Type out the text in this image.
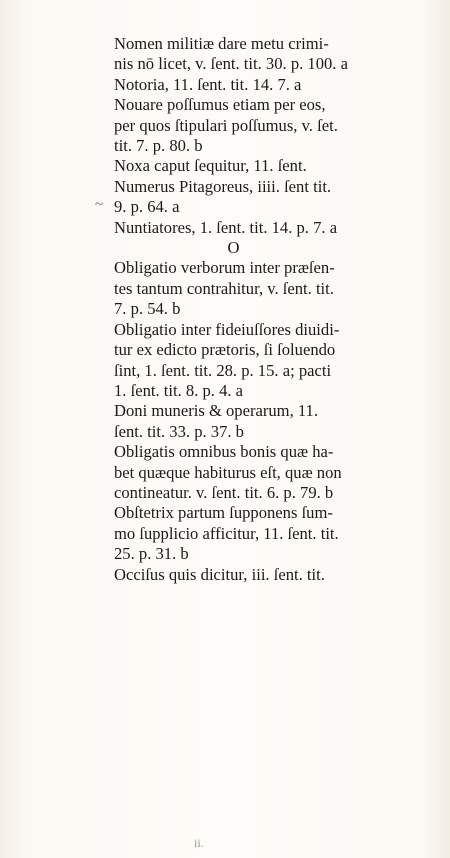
~
Nomen militiæ dare metu crimi-
nis nō licet, v. ſent. tit. 30. p. 100. a
Notoria, 11. ſent. tit. 14. 7. a
Nouare poſſumus etiam per eos,
per quos ſtipulari poſſumus, v. ſet.
tit. 7. p. 80. b
Noxa caput ſequitur, 11. ſent.
Numerus Pitagoreus, iiii. ſent tit.
9. p. 64. a
Nuntiatores, 1. ſent. tit. 14. p. 7. a
O
Obligatio verborum inter præſen-
tes tantum contrahitur, v. ſent. tit.
7. p. 54. b
Obligatio inter fideiuſſores diuidi-
tur ex edicto prætoris, ſi ſoluendo
ſint, 1. ſent. tit. 28. p. 15. a; pacti
1. ſent. tit. 8. p. 4. a
Doni muneris & operarum, 11.
ſent. tit. 33. p. 37. b
Obligatis omnibus bonis quæ ha-
bet quæque habiturus eſt, quæ non
contineatur. v. ſent. tit. 6. p. 79. b
Obſtetrix partum ſupponens ſum-
mo ſupplicio afficitur, 11. ſent. tit.
25. p. 31. b
Occiſus quis dicitur, iii. ſent. tit.
ii.
